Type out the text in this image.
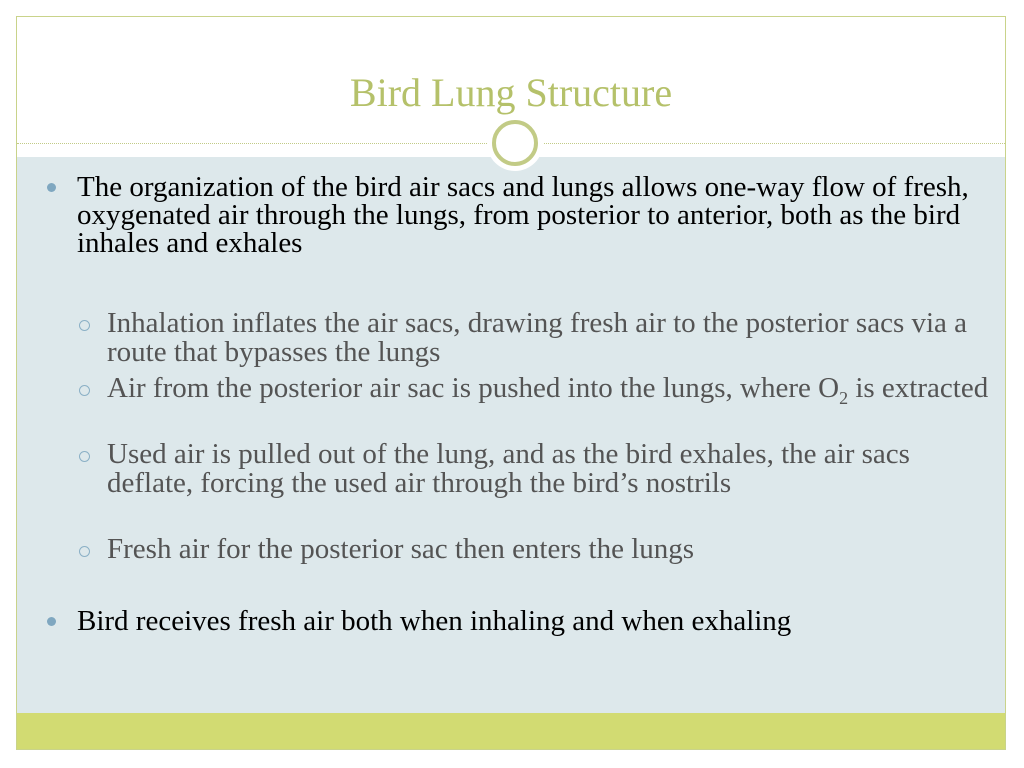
Bird Lung Structure
The organization of the bird air sacs and lungs allows one-way flow of fresh, oxygenated air through the lungs, from posterior to anterior, both as the bird inhales and exhales
Inhalation inflates the air sacs, drawing fresh air to the posterior sacs via a route that bypasses the lungs
Air from the posterior air sac is pushed into the lungs, where $O_2$ is extracted
Used air is pulled out of the lung, and as the bird exhales, the air sacs deflate, forcing the used air through the bird’s nostrils
Fresh air for the posterior sac then enters the lungs
Bird receives fresh air both when inhaling and when exhaling
